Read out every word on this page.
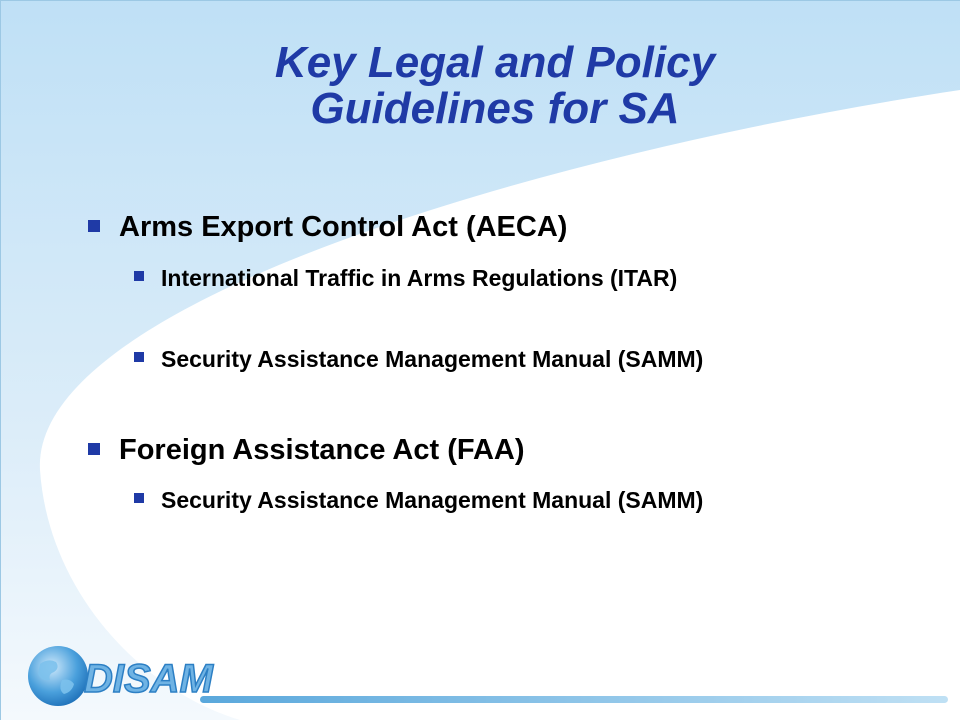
Key Legal and Policy
Guidelines for SA
Arms Export Control Act (AECA)
International Traffic in Arms Regulations (ITAR)
Security Assistance Management Manual (SAMM)
Foreign Assistance Act (FAA)
Security Assistance Management Manual (SAMM)
DISAM
